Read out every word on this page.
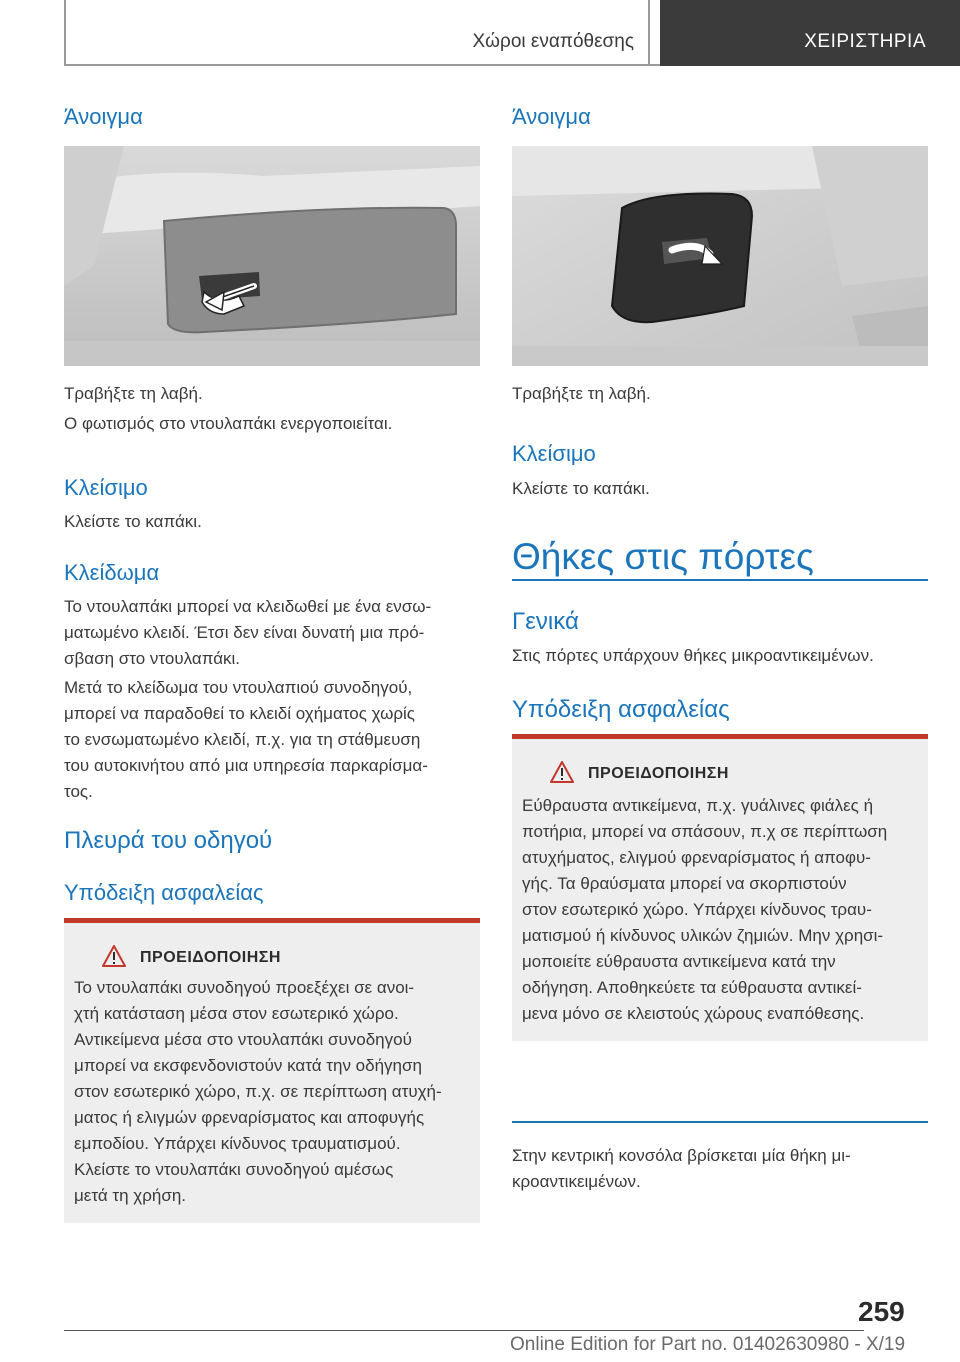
Χώροι εναπόθεσης	ΧΕΙΡΙΣΤΗΡΙΑ
Άνοιγμα
Τραβήξτε τη λαβή.
Ο φωτισμός στο ντουλαπάκι ενεργοποιείται.
Κλείσιμο
Κλείστε το καπάκι.
Κλείδωμα
Το ντουλαπάκι μπορεί να κλειδωθεί με ένα ενσω-
ματωμένο κλειδί. Έτσι δεν είναι δυνατή μια πρό-
σβαση στο ντουλαπάκι.
Μετά το κλείδωμα του ντουλαπιού συνοδηγού,
μπορεί να παραδοθεί το κλειδί οχήματος χωρίς
το ενσωματωμένο κλειδί, π.χ. για τη στάθμευση
του αυτοκινήτου από μια υπηρεσία παρκαρίσμα-
τος.
Πλευρά του οδηγού
Υπόδειξη ασφαλείας
ΠΡΟΕΙΔΟΠΟΙΗΣΗ
Το ντουλαπάκι συνοδηγού προεξέχει σε ανοι-
χτή κατάσταση μέσα στον εσωτερικό χώρο.
Αντικείμενα μέσα στο ντουλαπάκι συνοδηγού
μπορεί να εκσφενδονιστούν κατά την οδήγηση
στον εσωτερικό χώρο, π.χ. σε περίπτωση ατυχή-
ματος ή ελιγμών φρεναρίσματος και αποφυγής
εμποδίου. Υπάρχει κίνδυνος τραυματισμού.
Κλείστε το ντουλαπάκι συνοδηγού αμέσως
μετά τη χρήση.
Άνοιγμα
Τραβήξτε τη λαβή.
Κλείσιμο
Κλείστε το καπάκι.
Θήκες στις πόρτες
Γενικά
Στις πόρτες υπάρχουν θήκες μικροαντικειμένων.
Υπόδειξη ασφαλείας
ΠΡΟΕΙΔΟΠΟΙΗΣΗ
Εύθραυστα αντικείμενα, π.χ. γυάλινες φιάλες ή
ποτήρια, μπορεί να σπάσουν, π.χ σε περίπτωση
ατυχήματος, ελιγμού φρεναρίσματος ή αποφυ-
γής. Τα θραύσματα μπορεί να σκορπιστούν
στον εσωτερικό χώρο. Υπάρχει κίνδυνος τραυ-
ματισμού ή κίνδυνος υλικών ζημιών. Μην χρησι-
μοποιείτε εύθραυστα αντικείμενα κατά την
οδήγηση. Αποθηκεύετε τα εύθραυστα αντικεί-
μενα μόνο σε κλειστούς χώρους εναπόθεσης.
Στην κεντρική κονσόλα βρίσκεται μία θήκη μι-
κροαντικειμένων.
259
Online Edition for Part no. 01402630980 - X/19
